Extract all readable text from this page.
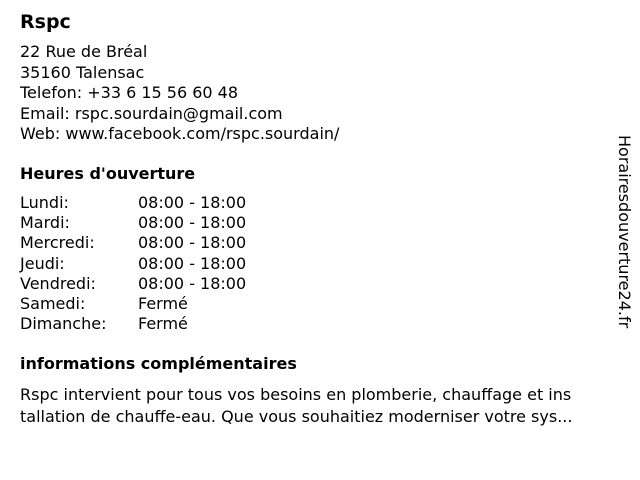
Rspc
22 Rue de Bréal
35160 Talensac
Telefon: +33 6 15 56 60 48
Email: rspc.sourdain@gmail.com
Web: www.facebook.com/rspc.sourdain/
Heures d'ouverture
Lundi:	08:00 - 18:00
Mardi:	08:00 - 18:00
Mercredi:	08:00 - 18:00
Jeudi:	08:00 - 18:00
Vendredi:	08:00 - 18:00
Samedi:	Fermé
Dimanche:	Fermé
informations complémentaires
Rspc intervient pour tous vos besoins en plomberie, chauffage et ins
tallation de chauffe-eau. Que vous souhaitiez moderniser votre sys...
Horairesdouverture24.fr
